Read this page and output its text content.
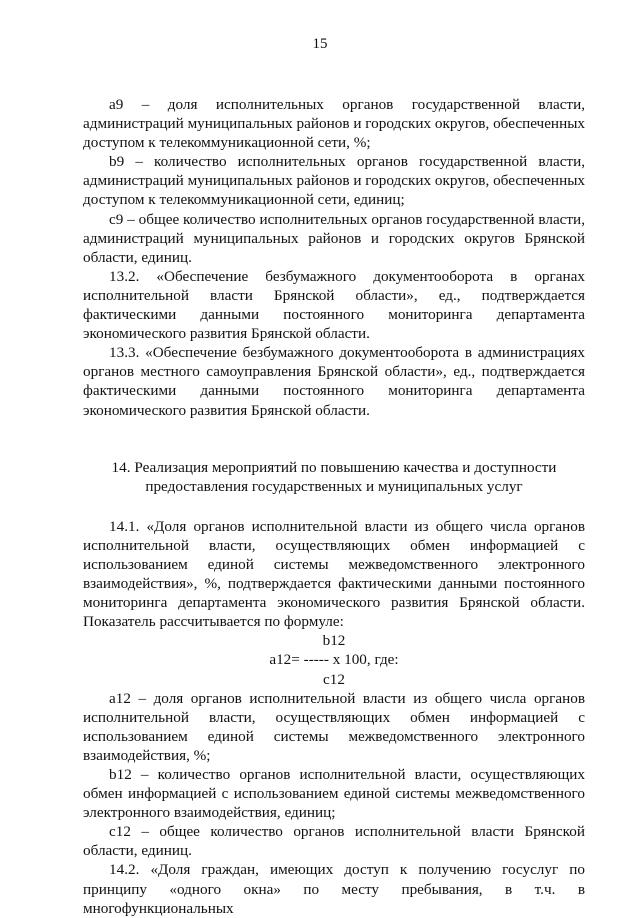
15

a9 – доля исполнительных органов государственной власти, администраций муниципальных районов и городских округов, обеспеченных доступом к телекоммуникационной сети, %;

b9 – количество исполнительных органов государственной власти, администраций муниципальных районов и городских округов, обеспеченных доступом к телекоммуникационной сети, единиц;

c9 – общее количество исполнительных органов государственной власти, администраций муниципальных районов и городских округов Брянской области, единиц.

13.2. «Обеспечение безбумажного документооборота в органах исполнительной власти Брянской области», ед., подтверждается фактическими данными постоянного мониторинга департамента экономического развития Брянской области.

13.3. «Обеспечение безбумажного документооборота в администрациях органов местного самоуправления Брянской области», ед., подтверждается фактическими данными постоянного мониторинга департамента экономического развития Брянской области.

14. Реализация мероприятий по повышению качества и доступности

предоставления государственных и муниципальных услуг

14.1. «Доля органов исполнительной власти из общего числа органов исполнительной власти, осуществляющих обмен информацией с использованием единой системы межведомственного электронного взаимодействия», %, подтверждается фактическими данными постоянного мониторинга департамента экономического развития Брянской области. Показатель рассчитывается по формуле:

b12

a12= ----- х 100, где:

c12

a12 – доля органов исполнительной власти из общего числа органов исполнительной власти, осуществляющих обмен информацией с использованием единой системы межведомственного электронного взаимодействия, %;

b12 – количество органов исполнительной власти, осуществляющих обмен информацией с использованием единой системы межведомственного электронного взаимодействия, единиц;

c12 – общее количество органов исполнительной власти Брянской области, единиц.

14.2. «Доля граждан, имеющих доступ к получению госуслуг по принципу «одного окна» по месту пребывания, в т.ч. в многофункциональных
